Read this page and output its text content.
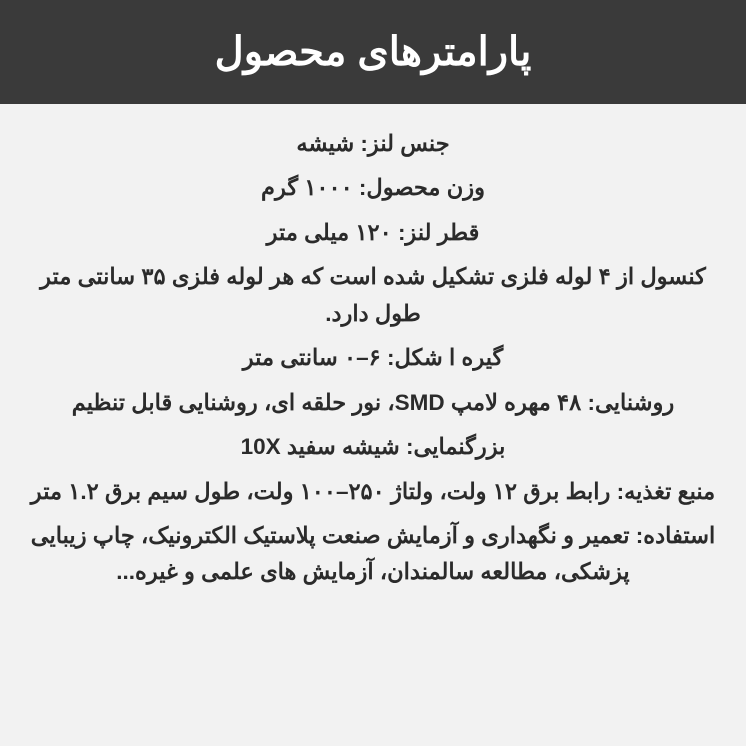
پارامترهای محصول

جنس لنز: شیشه

وزن محصول: ۱۰۰۰ گرم

قطر لنز: ۱۲۰ میلی متر

کنسول از ۴ لوله فلزی تشکیل شده است که هر لوله فلزی ۳۵ سانتی متر طول دارد.

گیره ا شکل: ۶–۰ سانتی متر

روشنایی: ۴۸ مهره لامپ SMD، نور حلقه ای، روشنایی قابل تنظیم

بزرگنمایی: شیشه سفید 10X

منبع تغذیه: رابط برق ۱۲ ولت، ولتاژ ۲۵۰–۱۰۰ ولت، طول سیم برق ۱.۲ متر

استفاده: تعمیر و نگهداری و آزمایش صنعت پلاستیک الکترونیک، چاپ زیبایی پزشکی، مطالعه سالمندان، آزمایش های علمی و غیره...
